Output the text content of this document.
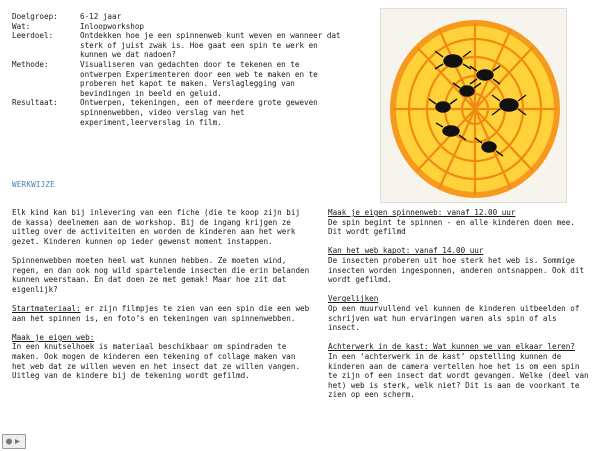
Doelgroep:	6-12 jaar
Wat:	Inloopworkshop
Leerdoel:	Ontdekken hoe je een spinnenweb kunt weven en wanneer dat sterk of juist zwak is. Hoe gaat een spin te werk en kunnen we dat nadoen?
Methode:	Visualiseren van gedachten door te tekenen en te ontwerpen Experimenteren door een web te maken en te proberen het kapot te maken. Verslaglegging van bevindingen in beeld en geluid.
Resultaat:	Ontwerpen, tekeningen, een of meerdere grote geweven spinnenwebben, video verslag van het experiment,leerverslag in film.
WERKWIJZE

Elk kind kan bij inlevering van een fiche (die te koop zijn bij de kassa) deelnemen aan de workshop. Bij de ingang krijgen ze uitleg over de activiteiten en worden de kinderen aan het werk gezet. Kinderen kunnen op ieder gewenst moment instappen.

Spinnenwebben moeten heel wat kunnen hebben. Ze moeten wind, regen, en dan ook nog wild spartelende insecten die erin belanden kunnen weerstaan. En dat doen ze met gemak! Maar hoe zit dat eigenlijk?

Startmateriaal: er zijn filmpjes te zien van een spin die een web aan het spinnen is, en foto’s en tekeningen van spinnenwebben.

Maak je eigen web:
In een knutselhoek is materiaal beschikbaar om spindraden te maken. Ook mogen de kinderen een tekening of collage maken van het web dat ze willen weven en het insect dat ze willen vangen. Uitleg van de kindere bij de tekening wordt gefilmd.

Maak je eigen spinnenweb: vanaf 12.00 uur
De spin begint te spinnen - en alle kinderen doen mee. Dit wordt gefilmd

Kan het web kapot: vanaf 14.00 uur
De insecten proberen uit hoe sterk het web is. Sommige insecten worden ingesponnen, anderen ontsnappen. Ook dit wordt gefilmd.

Vergelijken
Op een muurvullend vel kunnen de kinderen uitbeelden of schrijven wat hun ervaringen waren als spin of als insect.

Achterwerk in de kast: Wat kunnen we van elkaar leren?
In een ‘achterwerk in de kast’ opstelling kunnen de kinderen aan de camera vertellen hoe het is om een spin te zijn of een insect dat wordt gevangen. Welke (deel van het) web is sterk, welk niet? Dit is aan de voorkant te zien op een scherm.
